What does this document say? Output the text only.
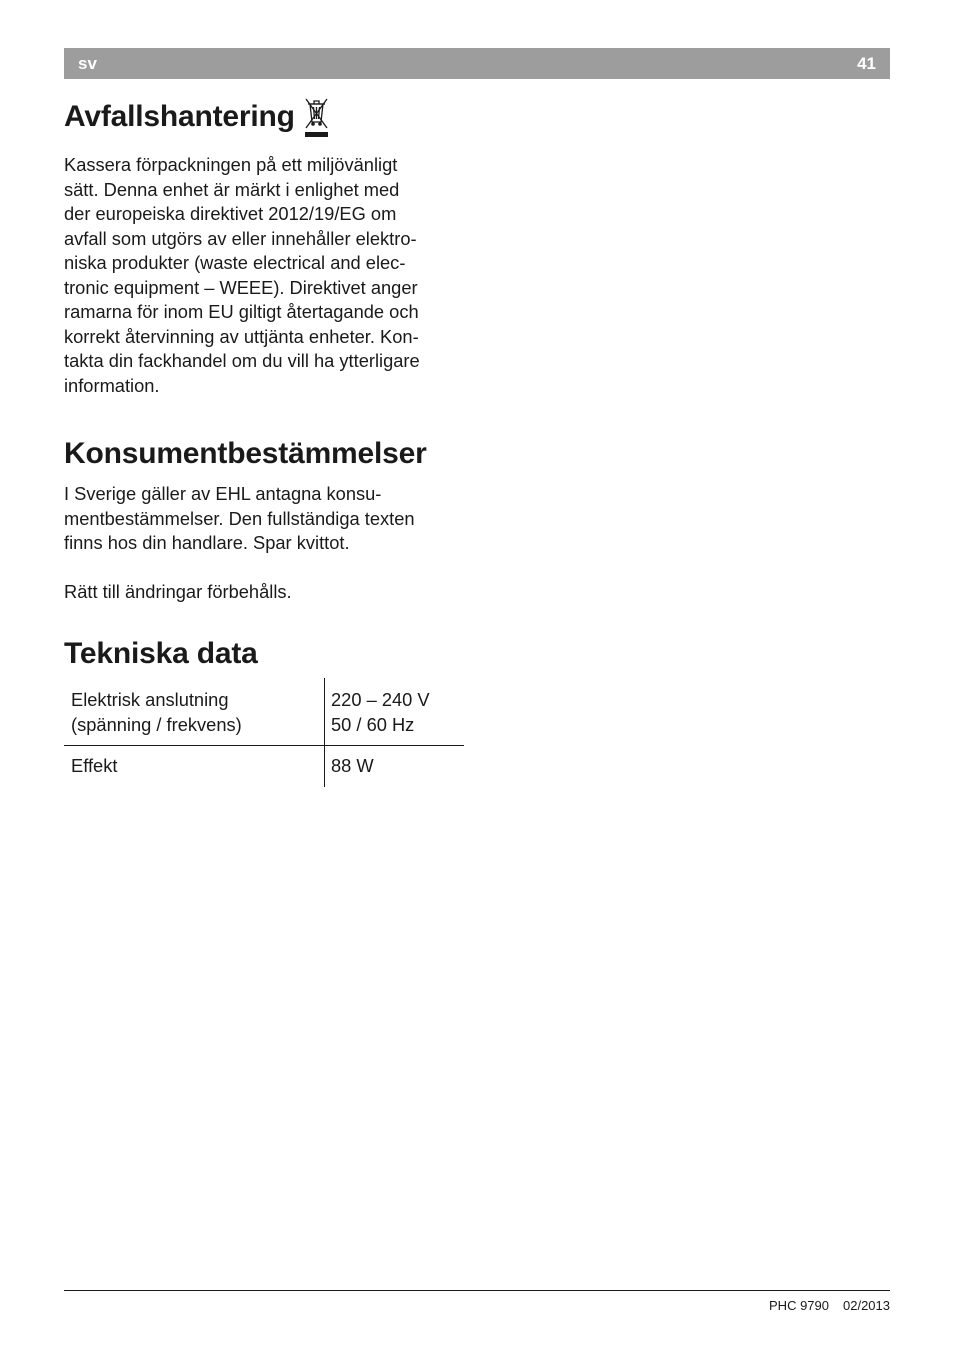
sv	41
Avfallshantering

Kassera förpackningen på ett miljövänligt
sätt. Denna enhet är märkt i enlighet med
der europeiska direktivet 2012/19/EG om
avfall som utgörs av eller innehåller elektro-
niska produkter (waste electrical and elec-
tronic equipment – WEEE). Direktivet anger
ramarna för inom EU giltigt återtagande och
korrekt återvinning av uttjänta enheter. Kon-
takta din fackhandel om du vill ha ytterligare
information.

Konsumentbestämmelser

I Sverige gäller av EHL antagna konsu-
mentbestämmelser. Den fullständiga texten
finns hos din handlare. Spar kvittot.

Rätt till ändringar förbehålls.

Tekniska data
Elektrisk anslutning
(spänning / frekvens)	220 – 240 V
50 / 60 Hz
Effekt	88 W
PHC 9790 02/2013
